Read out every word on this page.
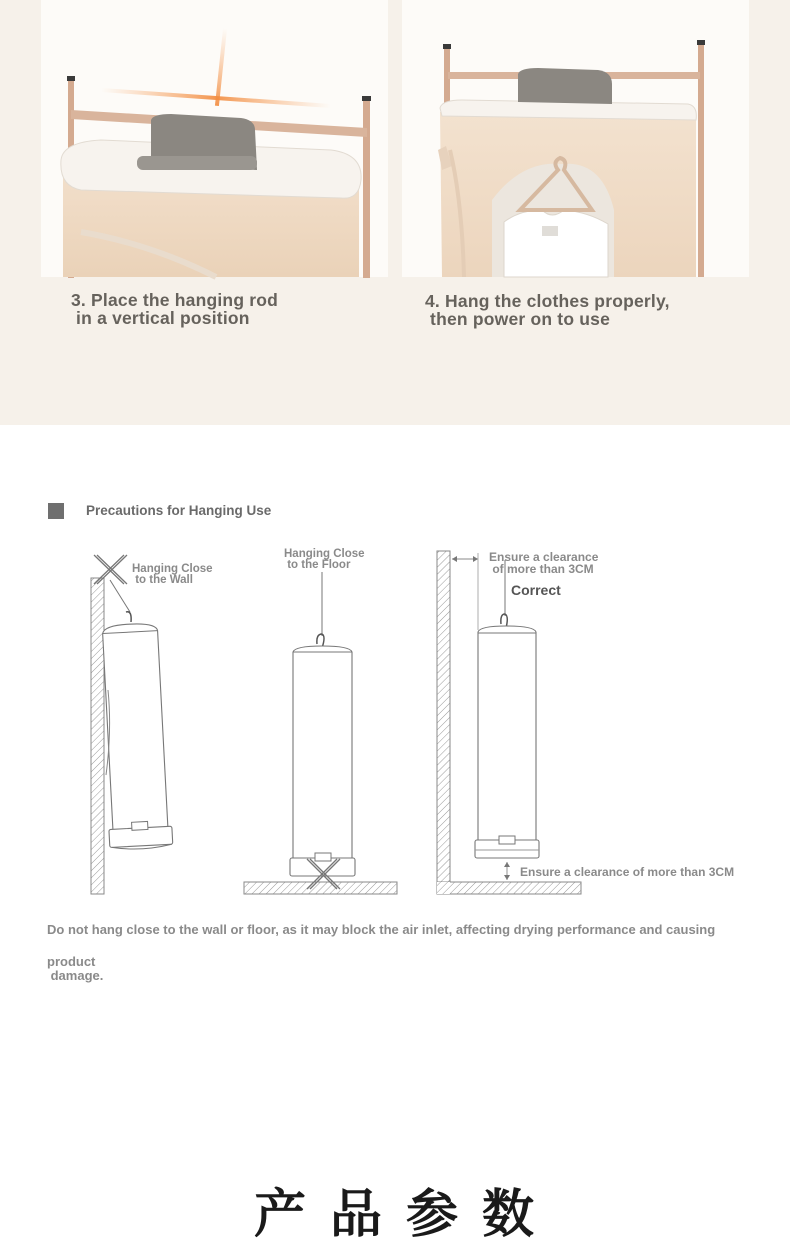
3. Place the hanging rod
in a vertical position
4. Hang the clothes properly,
then power on to use
Precautions for Hanging Use
Hanging Close
to the Wall
Hanging Close
to the Floor
Ensure a clearance
of more than 3CM
Correct
Ensure a clearance of more than 3CM
Do not hang close to the wall or floor, as it may block the air inlet, affecting drying performance and causing
product
damage.
产品参数
